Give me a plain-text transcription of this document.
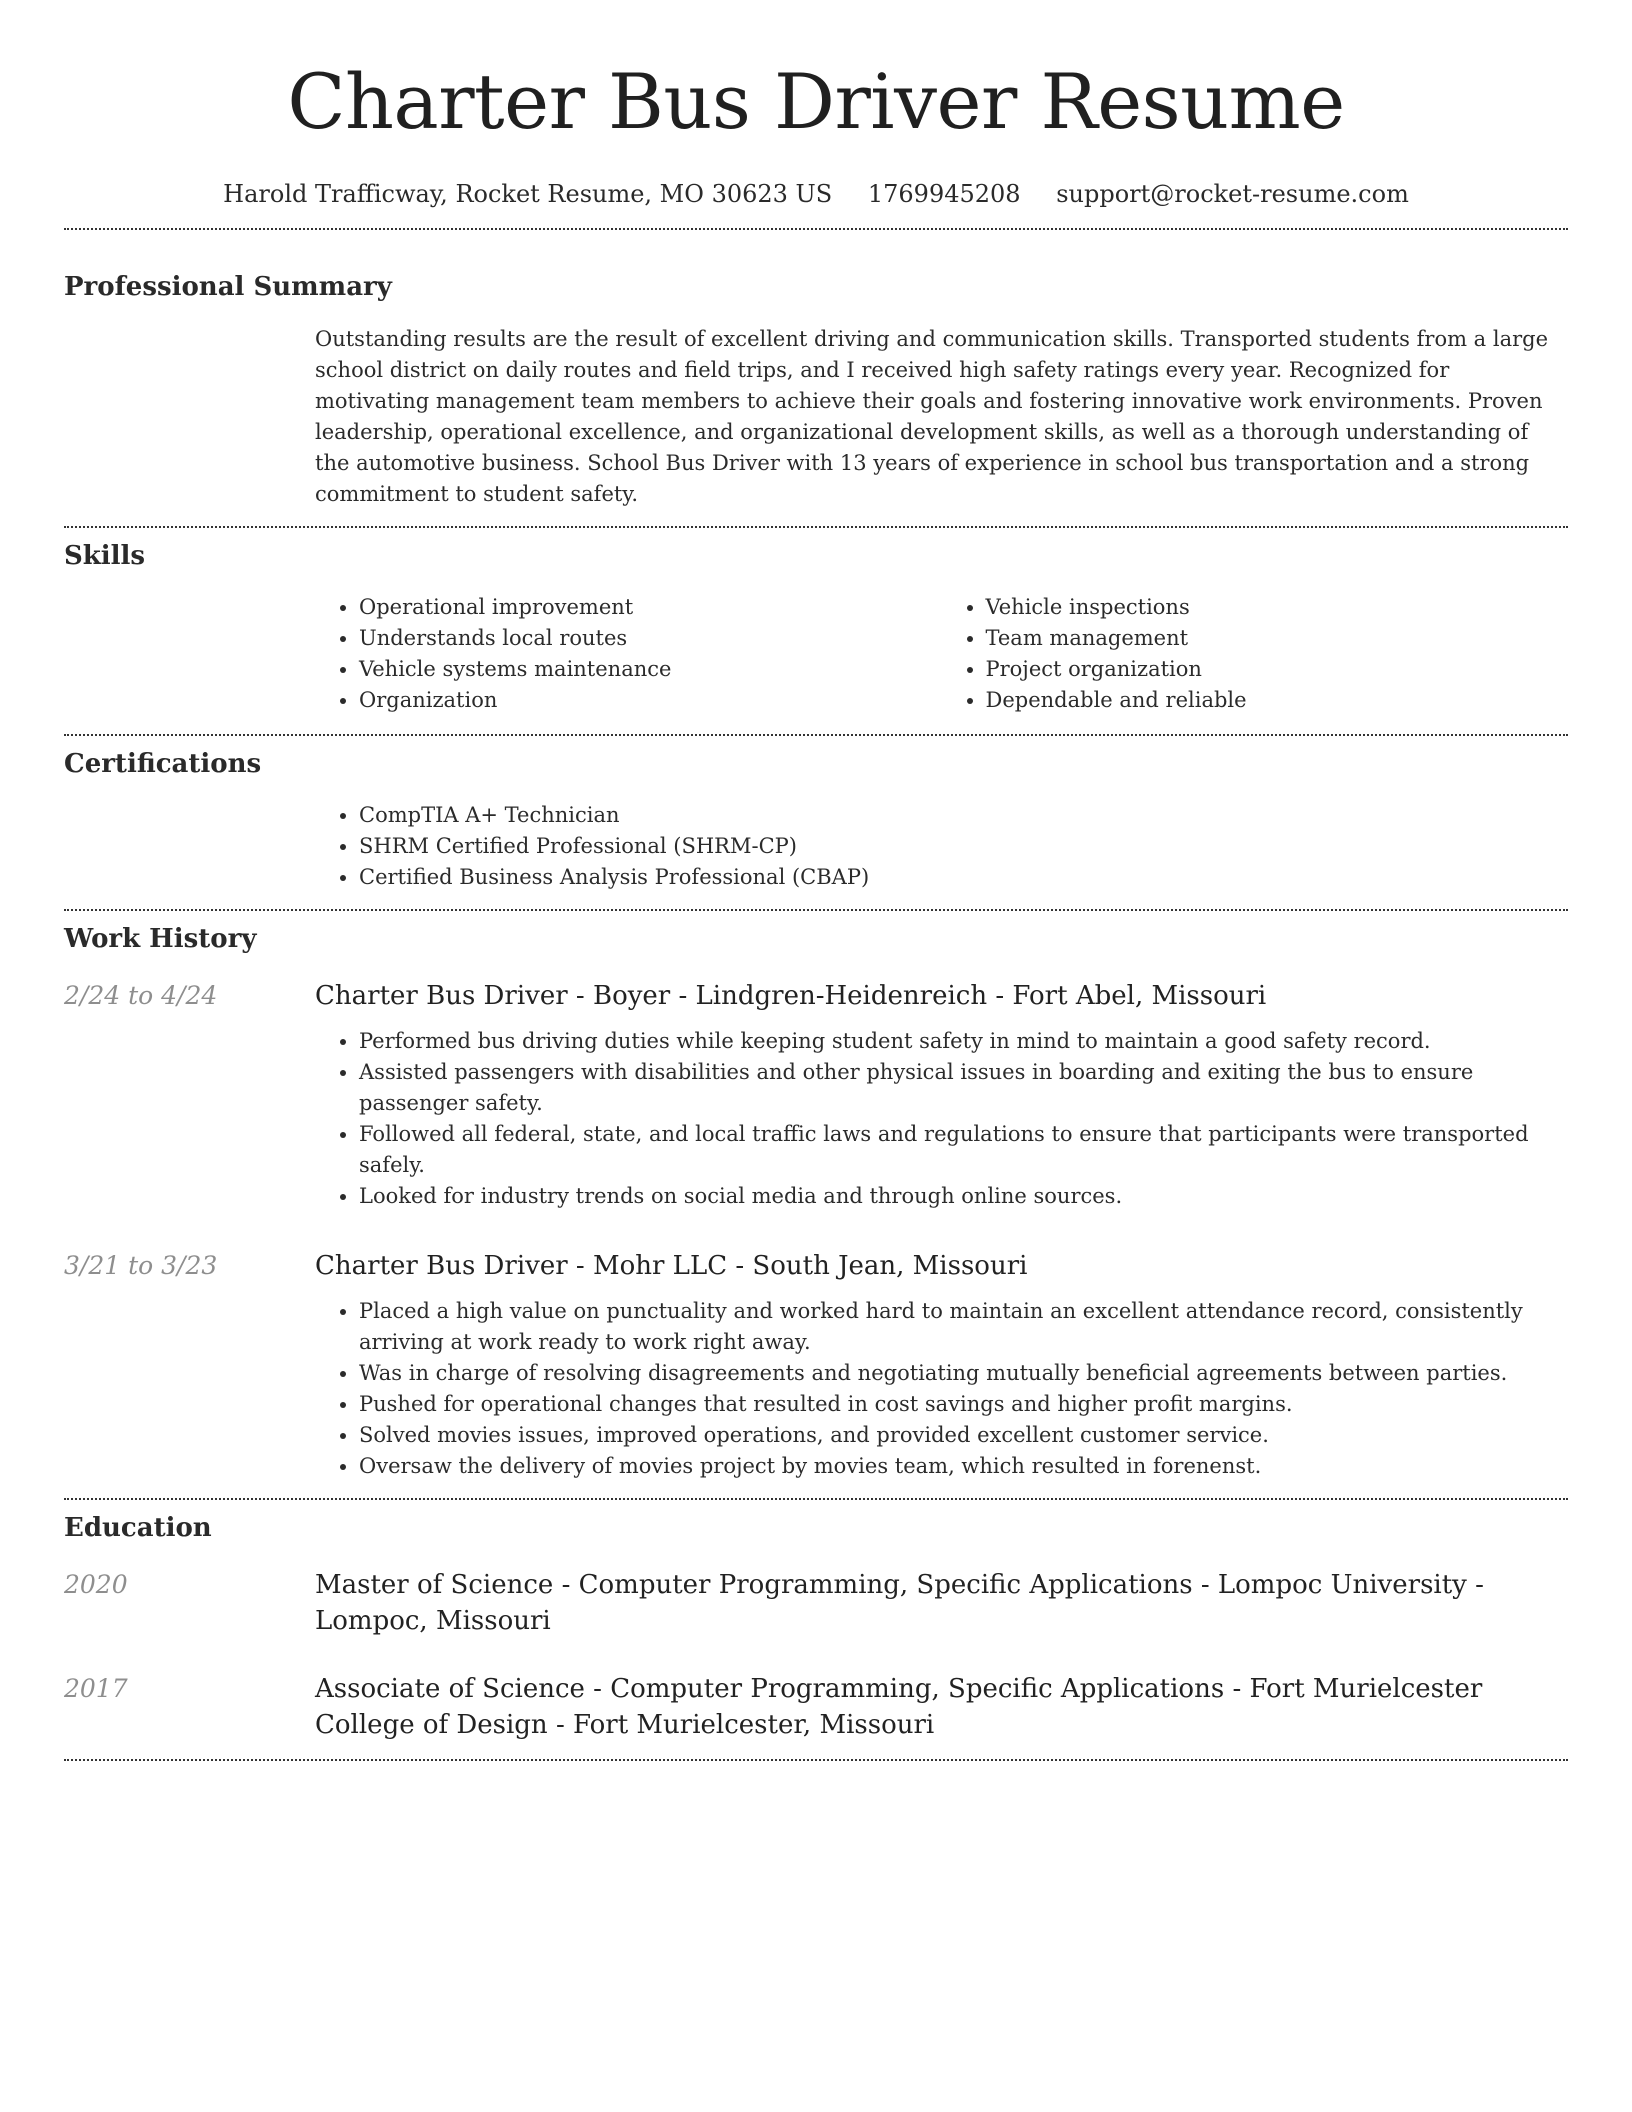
Charter Bus Driver Resume
Harold Trafficway, Rocket Resume, MO 30623 US 1769945208 support@rocket-resume.com
Professional Summary
Outstanding results are the result of excellent driving and communication skills. Transported students from a large school district on daily routes and field trips, and I received high safety ratings every year. Recognized for motivating management team members to achieve their goals and fostering innovative work environments. Proven leadership, operational excellence, and organizational development skills, as well as a thorough understanding of the automotive business. School Bus Driver with 13 years of experience in school bus transportation and a strong commitment to student safety.
Skills
• Operational improvement
• Understands local routes
• Vehicle systems maintenance
• Organization
• Vehicle inspections
• Team management
• Project organization
• Dependable and reliable
Certifications
• CompTIA A+ Technician
• SHRM Certified Professional (SHRM-CP)
• Certified Business Analysis Professional (CBAP)
Work History
2/24 to 4/24	Charter Bus Driver - Boyer - Lindgren-Heidenreich - Fort Abel, Missouri
• Performed bus driving duties while keeping student safety in mind to maintain a good safety record.
• Assisted passengers with disabilities and other physical issues in boarding and exiting the bus to ensure passenger safety.
• Followed all federal, state, and local traffic laws and regulations to ensure that participants were transported safely.
• Looked for industry trends on social media and through online sources.
3/21 to 3/23	Charter Bus Driver - Mohr LLC - South Jean, Missouri
• Placed a high value on punctuality and worked hard to maintain an excellent attendance record, consistently arriving at work ready to work right away.
• Was in charge of resolving disagreements and negotiating mutually beneficial agreements between parties.
• Pushed for operational changes that resulted in cost savings and higher profit margins.
• Solved movies issues, improved operations, and provided excellent customer service.
• Oversaw the delivery of movies project by movies team, which resulted in forenenst.
Education
2020	Master of Science - Computer Programming, Specific Applications - Lompoc University - Lompoc, Missouri
2017	Associate of Science - Computer Programming, Specific Applications - Fort Murielcester College of Design - Fort Murielcester, Missouri
